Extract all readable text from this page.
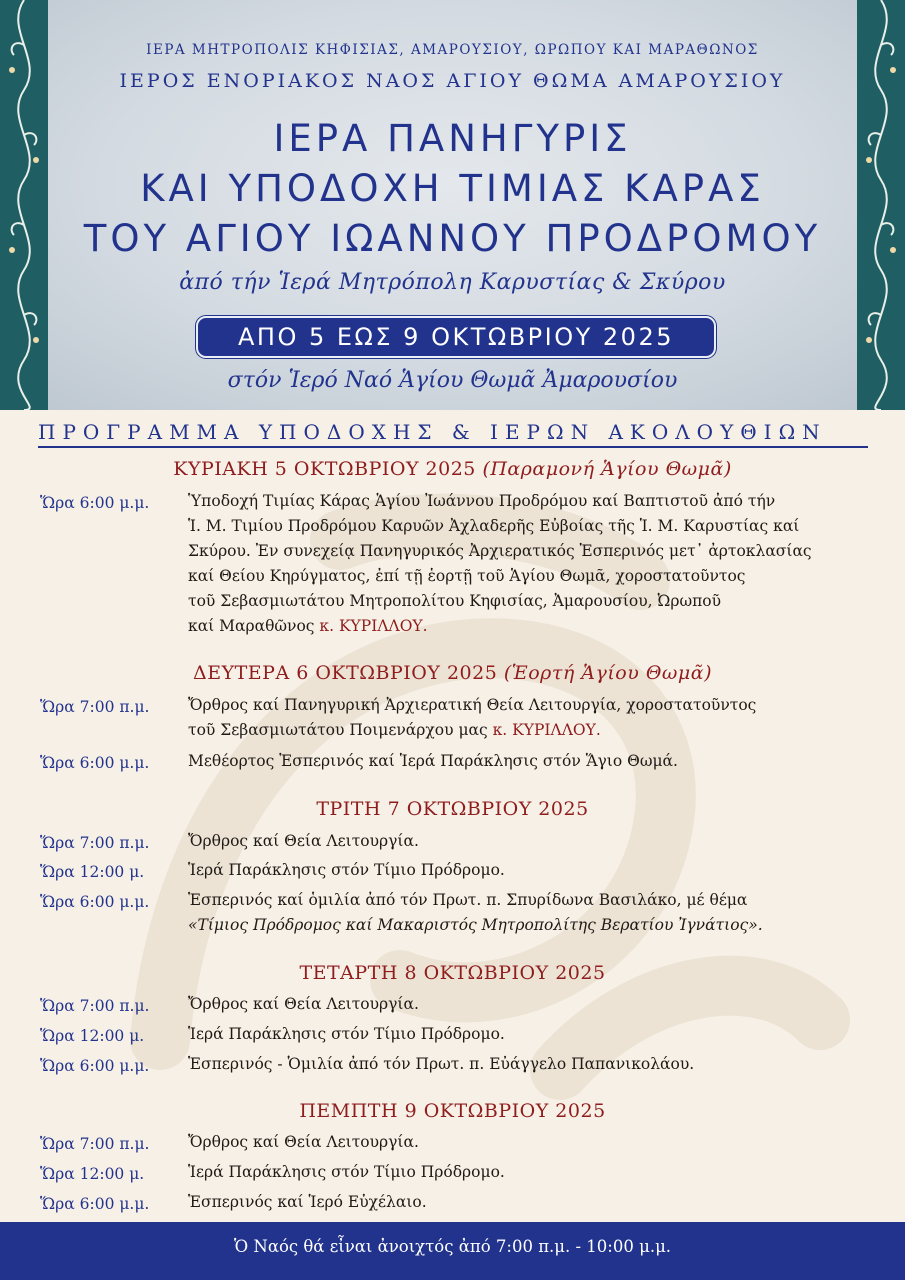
ΙΕΡΑ ΜΗΤΡΟΠΟΛΙΣ ΚΗΦΙΣΙΑΣ, ΑΜΑΡΟΥΣΙΟΥ, ΩΡΩΠΟΥ ΚΑΙ ΜΑΡΑΘΩΝΟΣ
ΙΕΡΟΣ ΕΝΟΡΙΑΚΟΣ ΝΑΟΣ ΑΓΙΟΥ ΘΩΜΑ ΑΜΑΡΟΥΣΙΟΥ
ΙΕΡΑ ΠΑΝΗΓΥΡΙΣ
ΚΑΙ ΥΠΟΔΟΧΗ ΤΙΜΙΑΣ ΚΑΡΑΣ
ΤΟΥ ΑΓΙΟΥ ΙΩΑΝΝΟΥ ΠΡΟΔΡΟΜΟΥ
ἀπό τήν Ἱερά Μητρόπολη Καρυστίας & Σκύρου
ΑΠΟ 5 ΕΩΣ 9 ΟΚΤΩΒΡΙΟΥ 2025
στόν Ἱερό Ναό Ἁγίου Θωμᾶ Ἀμαρουσίου
ΠΡΟΓΡΑΜΜΑ ΥΠΟΔΟΧΗΣ & ΙΕΡΩΝ ΑΚΟΛΟΥΘΙΩΝ
ΚΥΡΙΑΚΗ 5 ΟΚΤΩΒΡΙΟΥ 2025 (Παραμονή Ἁγίου Θωμᾶ)
Ὥρα 6:00 μ.μ.	Ὑποδοχή Τιμίας Κάρας Ἁγίου Ἰωάννου Προδρόμου καί Βαπτιστοῦ ἀπό τήν
Ἱ. Μ. Τιμίου Προδρόμου Καρυῶν Ἀχλαδερῆς Εὐβοίας τῆς Ἱ. Μ. Καρυστίας καί
Σκύρου. Ἐν συνεχείᾳ Πανηγυρικός Ἀρχιερατικός Ἑσπερινός μετ᾽ ἀρτοκλασίας
καί Θείου Κηρύγματος, ἐπί τῇ ἑορτῇ τοῦ Ἁγίου Θωμᾶ, χοροστατοῦντος
τοῦ Σεβασμιωτάτου Μητροπολίτου Κηφισίας, Ἀμαρουσίου, Ὠρωποῦ
καί Μαραθῶνος κ. ΚΥΡΙΛΛΟΥ.
ΔΕΥΤΕΡΑ 6 ΟΚΤΩΒΡΙΟΥ 2025 (Ἑορτή Ἁγίου Θωμᾶ)
Ὥρα 7:00 π.μ.	Ὄρθρος καί Πανηγυρική Ἀρχιερατική Θεία Λειτουργία, χοροστατοῦντος
τοῦ Σεβασμιωτάτου Ποιμενάρχου μας κ. ΚΥΡΙΛΛΟΥ.
Ὥρα 6:00 μ.μ.	Μεθέορτος Ἑσπερινός καί Ἱερά Παράκλησις στόν Ἅγιο Θωμά.
ΤΡΙΤΗ 7 ΟΚΤΩΒΡΙΟΥ 2025
Ὥρα 7:00 π.μ.	Ὄρθρος καί Θεία Λειτουργία.
Ὥρα 12:00 μ.	Ἱερά Παράκλησις στόν Τίμιο Πρόδρομο.
Ὥρα 6:00 μ.μ.	Ἑσπερινός καί ὁμιλία ἀπό τόν Πρωτ. π. Σπυρίδωνα Βασιλάκο, μέ θέμα
«Τίμιος Πρόδρομος καί Μακαριστός Μητροπολίτης Βερατίου Ἰγνάτιος».
ΤΕΤΑΡΤΗ 8 ΟΚΤΩΒΡΙΟΥ 2025
Ὥρα 7:00 π.μ.	Ὄρθρος καί Θεία Λειτουργία.
Ὥρα 12:00 μ.	Ἱερά Παράκλησις στόν Τίμιο Πρόδρομο.
Ὥρα 6:00 μ.μ.	Ἑσπερινός - Ὁμιλία ἀπό τόν Πρωτ. π. Εὐάγγελο Παπανικολάου.
ΠΕΜΠΤΗ 9 ΟΚΤΩΒΡΙΟΥ 2025
Ὥρα 7:00 π.μ.	Ὄρθρος καί Θεία Λειτουργία.
Ὥρα 12:00 μ.	Ἱερά Παράκλησις στόν Τίμιο Πρόδρομο.
Ὥρα 6:00 μ.μ.	Ἑσπερινός καί Ἱερό Εὐχέλαιο.
Ὁ Ναός θά εἶναι ἀνοιχτός ἀπό 7:00 π.μ. - 10:00 μ.μ.
